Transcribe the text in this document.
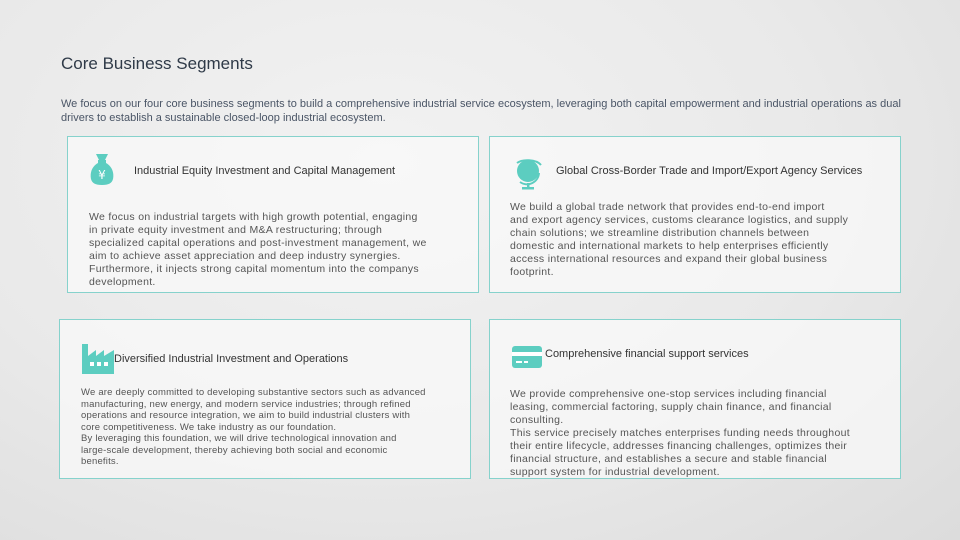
Core Business Segments
We focus on our four core business segments to build a comprehensive industrial service ecosystem, leveraging both capital empowerment and industrial operations as dual drivers to establish a sustainable closed-loop industrial ecosystem.
¥	Industrial Equity Investment and Capital Management
We focus on industrial targets with high growth potential, engaging
in private equity investment and M&A restructuring; through
specialized capital operations and post-investment management, we
aim to achieve asset appreciation and deep industry synergies.
Furthermore, it injects strong capital momentum into the companys
development.
Global Cross-Border Trade and Import/Export Agency Services
We build a global trade network that provides end-to-end import
and export agency services, customs clearance logistics, and supply
chain solutions; we streamline distribution channels between
domestic and international markets to help enterprises efficiently
access international resources and expand their global business
footprint.
Diversified Industrial Investment and Operations
We are deeply committed to developing substantive sectors such as advanced
manufacturing, new energy, and modern service industries; through refined
operations and resource integration, we aim to build industrial clusters with
core competitiveness. We take industry as our foundation.
By leveraging this foundation, we will drive technological innovation and
large-scale development, thereby achieving both social and economic
benefits.
Comprehensive financial support services
We provide comprehensive one-stop services including financial
leasing, commercial factoring, supply chain finance, and financial
consulting.
This service precisely matches enterprises funding needs throughout
their entire lifecycle, addresses financing challenges, optimizes their
financial structure, and establishes a secure and stable financial
support system for industrial development.
